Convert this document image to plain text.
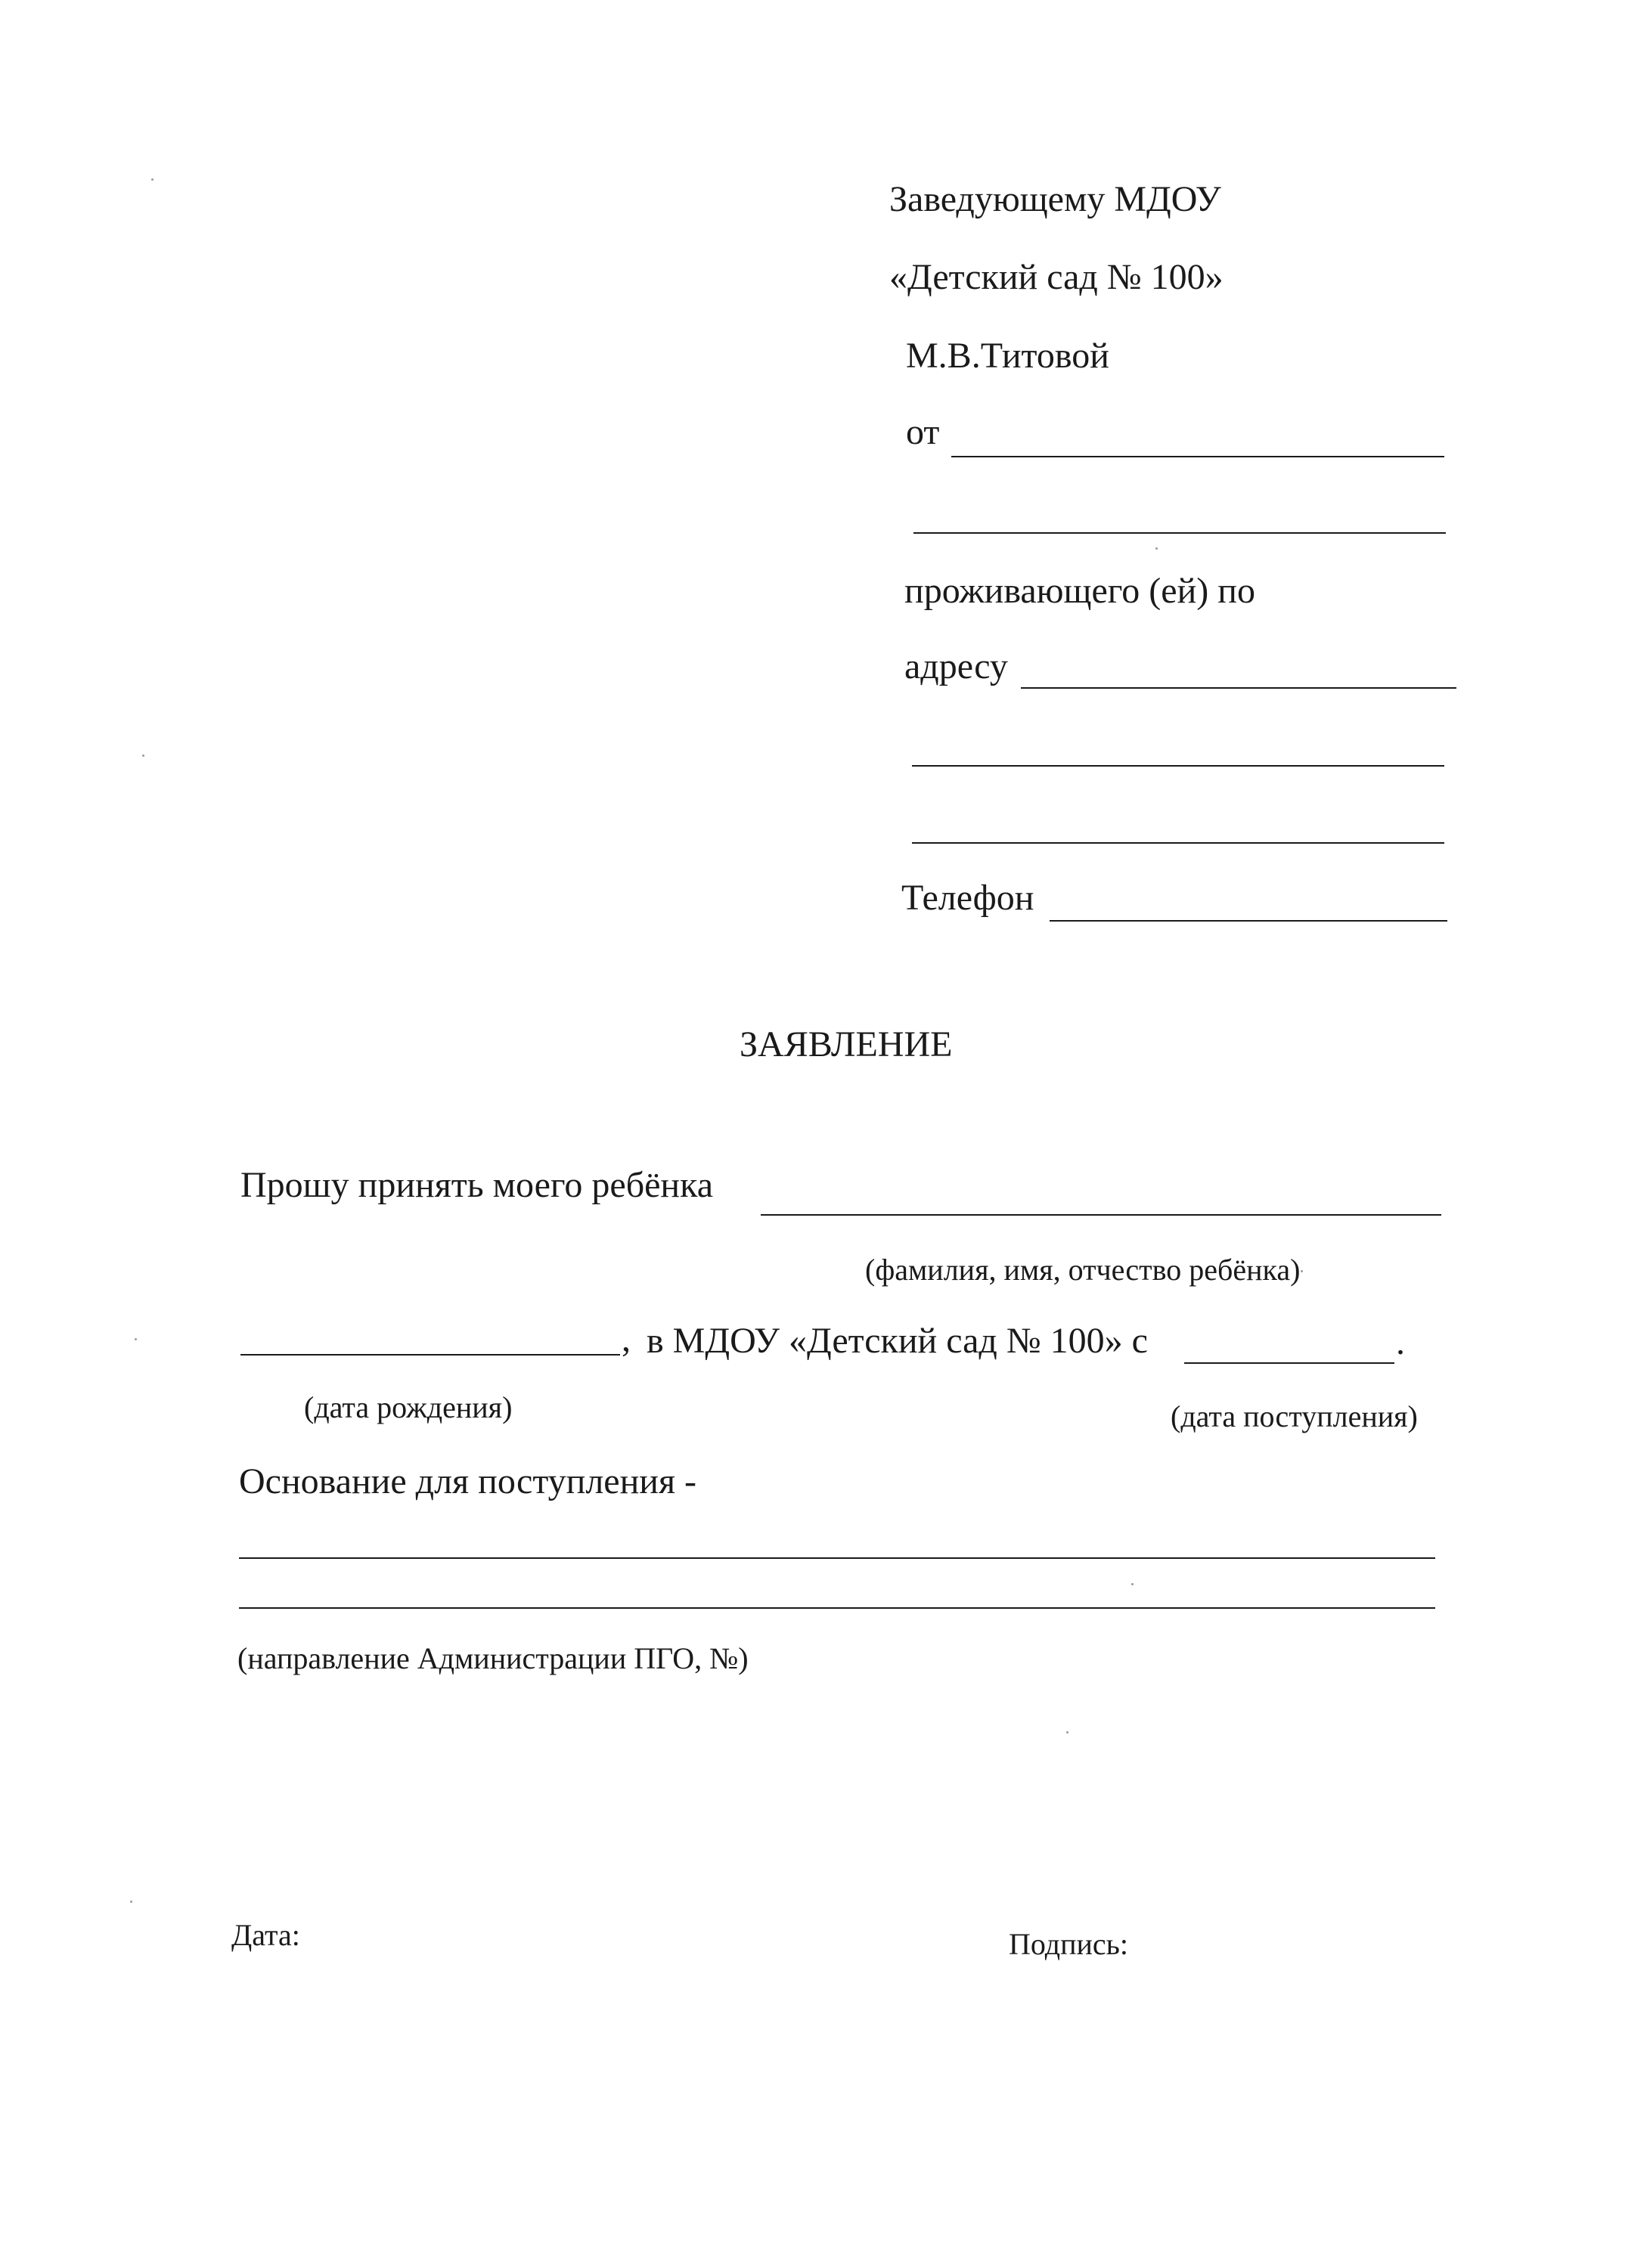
Заведующему МДОУ
«Детский сад № 100»
М.В.Титовой
от
проживающего (ей) по
адресу
Телефон
ЗАЯВЛЕНИЕ
Прошу принять моего ребёнка
(фамилия, имя, отчество ребёнка)
, в МДОУ «Детский сад № 100» с	.
(дата рождения)	(дата поступления)
Основание для поступления -
(направление Администрации ПГО, №)
Дата:	Подпись:
